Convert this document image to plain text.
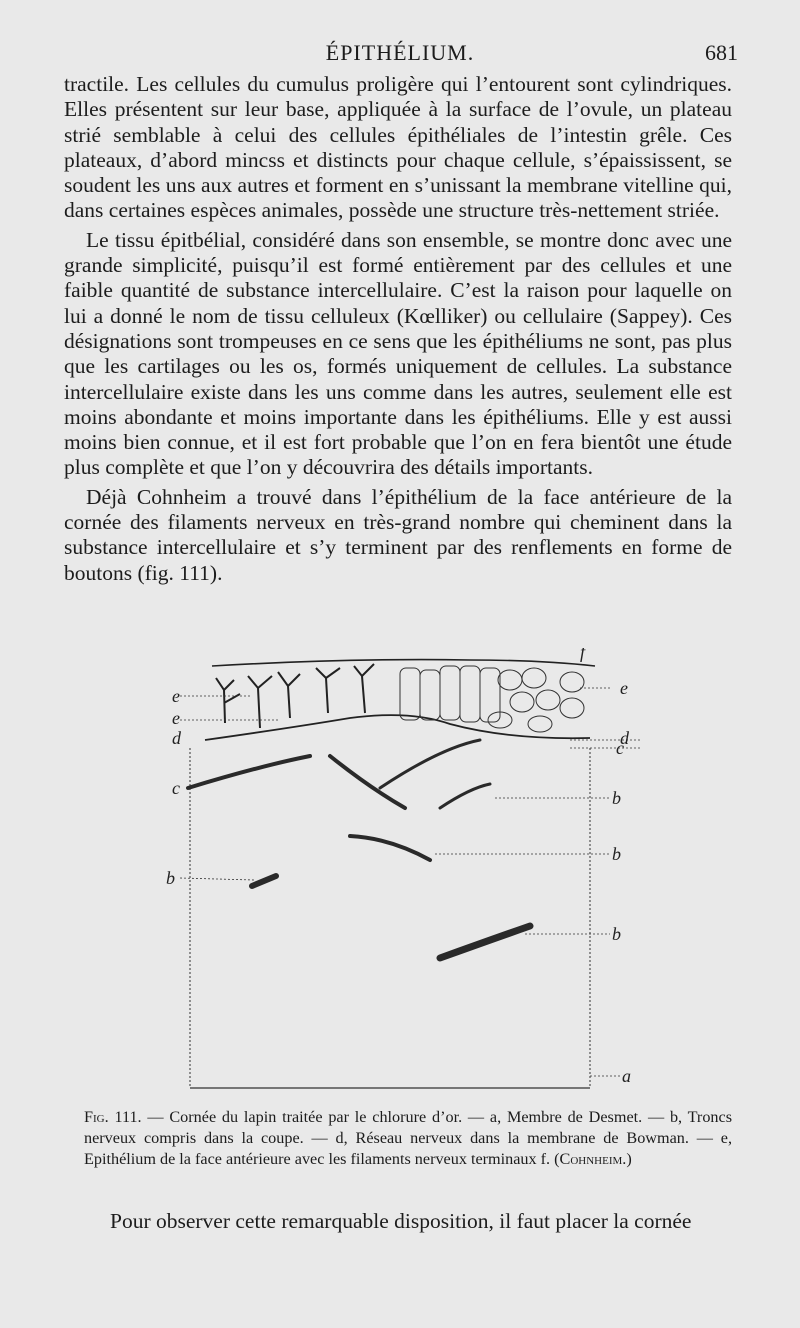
ÉPITHÉLIUM.	681

tractile. Les cellules du cumulus proligère qui l’entourent sont cylindriques. Elles présentent sur leur base, appliquée à la surface de l’ovule, un plateau strié semblable à celui des cellules épithéliales de l’intestin grêle. Ces plateaux, d’abord mincss et distincts pour chaque cellule, s’épaississent, se soudent les uns aux autres et forment en s’unissant la membrane vitelline qui, dans certaines espèces animales, possède une structure très-nettement striée.

Le tissu épitbélial, considéré dans son ensemble, se montre donc avec une grande simplicité, puisqu’il est formé entièrement par des cellules et une faible quantité de substance intercellulaire. C’est la raison pour laquelle on lui a donné le nom de tissu celluleux (Kœlliker) ou cellulaire (Sappey). Ces désignations sont trompeuses en ce sens que les épithéliums ne sont, pas plus que les cartilages ou les os, formés uniquement de cellules. La substance intercellulaire existe dans les uns comme dans les autres, seulement elle est moins abondante et moins importante dans les épithéliums. Elle y est aussi moins bien connue, et il est fort probable que l’on en fera bientôt une étude plus complète et que l’on y découvrira des détails importants.

Déjà Cohnheim a trouvé dans l’épithélium de la face antérieure de la cornée des filaments nerveux en très-grand nombre qui cheminent dans la substance intercellulaire et s’y terminent par des renflements en forme de boutons (fig. 111).

f
e
e
e
d	d
c
c	b
b
b
b
a
Fig. 111. — Cornée du lapin traitée par le chlorure d’or. — a, Membre de Desmet. — b, Troncs nerveux compris dans la coupe. — d, Réseau nerveux dans la membrane de Bowman. — e, Epithélium de la face antérieure avec les filaments nerveux terminaux f. (Cohnheim.)
Pour observer cette remarquable disposition, il faut placer la cornée
